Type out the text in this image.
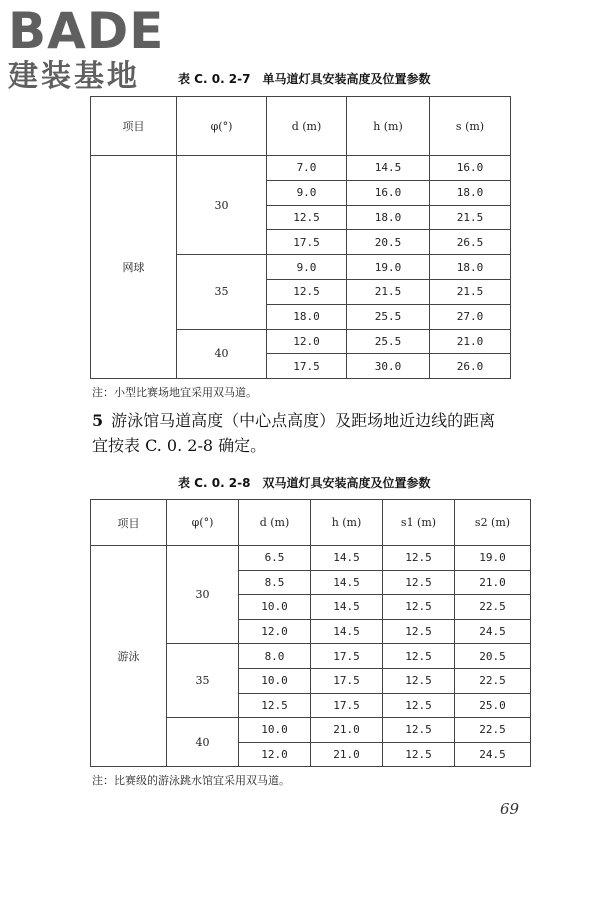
BADE
建装基地	表 C. 0. 2-7　单马道灯具安装高度及位置参数
项目	φ(°)	d (m)	h (m)	s (m)
网球	30	7.0	14.5	16.0
		9.0	16.0	18.0
		12.5	18.0	21.5
		17.5	20.5	26.5
	35	9.0	19.0	18.0
		12.5	21.5	21.5
		18.0	25.5	27.0
	40	12.0	25.5	21.0
		17.5	30.0	26.0
注：小型比赛场地宜采用双马道。
5 游泳馆马道高度（中心点高度）及距场地近边线的距离宜按表 C. 0. 2-8 确定。
表 C. 0. 2-8　双马道灯具安装高度及位置参数
项目	φ(°)	d (m)	h (m)	s1 (m)	s2 (m)
游泳	30	6.5	14.5	12.5	19.0
		8.5	14.5	12.5	21.0
		10.0	14.5	12.5	22.5
		12.0	14.5	12.5	24.5
	35	8.0	17.5	12.5	20.5
		10.0	17.5	12.5	22.5
		12.5	17.5	12.5	25.0
	40	10.0	21.0	12.5	22.5
		12.0	21.0	12.5	24.5
注：比赛级的游泳跳水馆宜采用双马道。
69
